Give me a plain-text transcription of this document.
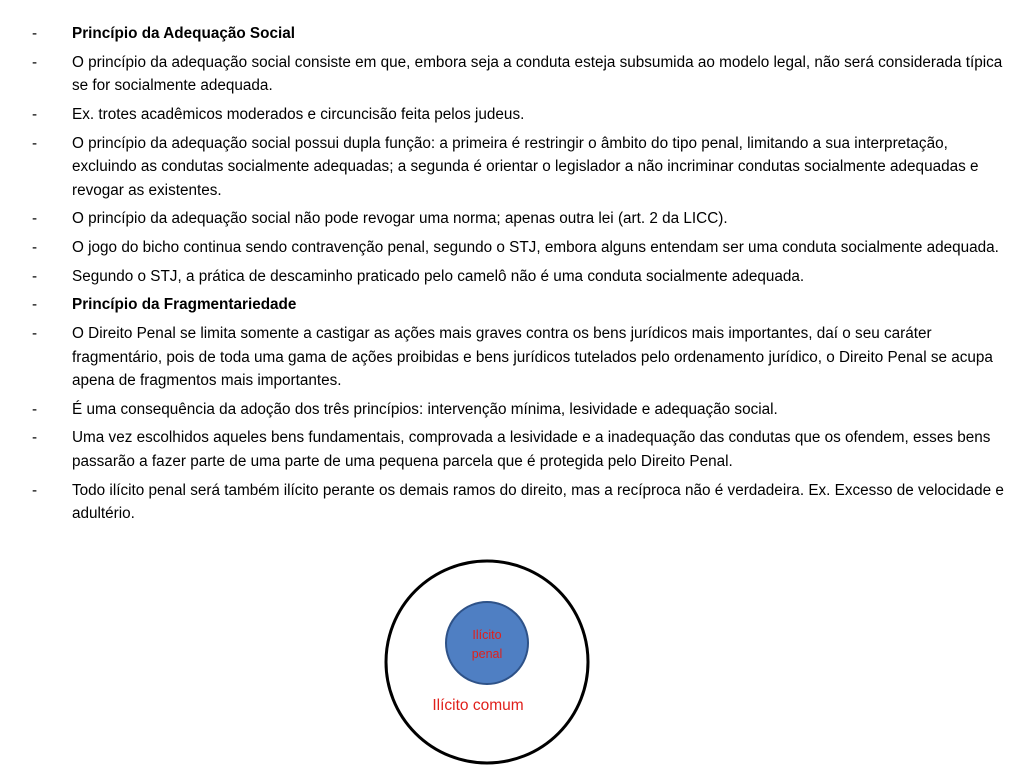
- Princípio da Adequação Social
- O princípio da adequação social consiste em que, embora seja a conduta esteja subsumida ao modelo legal, não será considerada típica se for socialmente adequada.
- Ex. trotes acadêmicos moderados e circuncisão feita pelos judeus.
- O princípio da adequação social possui dupla função: a primeira é restringir o âmbito do tipo penal, limitando a sua interpretação, excluindo as condutas socialmente adequadas; a segunda é orientar o legislador a não incriminar condutas socialmente adequadas e revogar as existentes.
- O princípio da adequação social não pode revogar uma norma; apenas outra lei (art. 2 da LICC).
- O jogo do bicho continua sendo contravenção penal, segundo o STJ, embora alguns entendam ser uma conduta socialmente adequada.
- Segundo o STJ, a prática de descaminho praticado pelo camelô não é uma conduta socialmente adequada.
- Princípio da Fragmentariedade
- O Direito Penal se limita somente a castigar as ações mais graves contra os bens jurídicos mais importantes, daí o seu caráter fragmentário, pois de toda uma gama de ações proibidas e bens jurídicos tutelados pelo ordenamento jurídico, o Direito Penal se acupa apena de fragmentos mais importantes.
- É uma consequência da adoção dos três princípios: intervenção mínima, lesividade e adequação social.
- Uma vez escolhidos aqueles bens fundamentais, comprovada a lesividade e a inadequação das condutas que os ofendem, esses bens passarão a fazer parte de uma parte de uma pequena parcela que é protegida pelo Direito Penal.
- Todo ilícito penal será também ilícito perante os demais ramos do direito, mas a recíproca não é verdadeira. Ex. Excesso de velocidade e adultério.
Ilícito
penal
Ilícito comum
